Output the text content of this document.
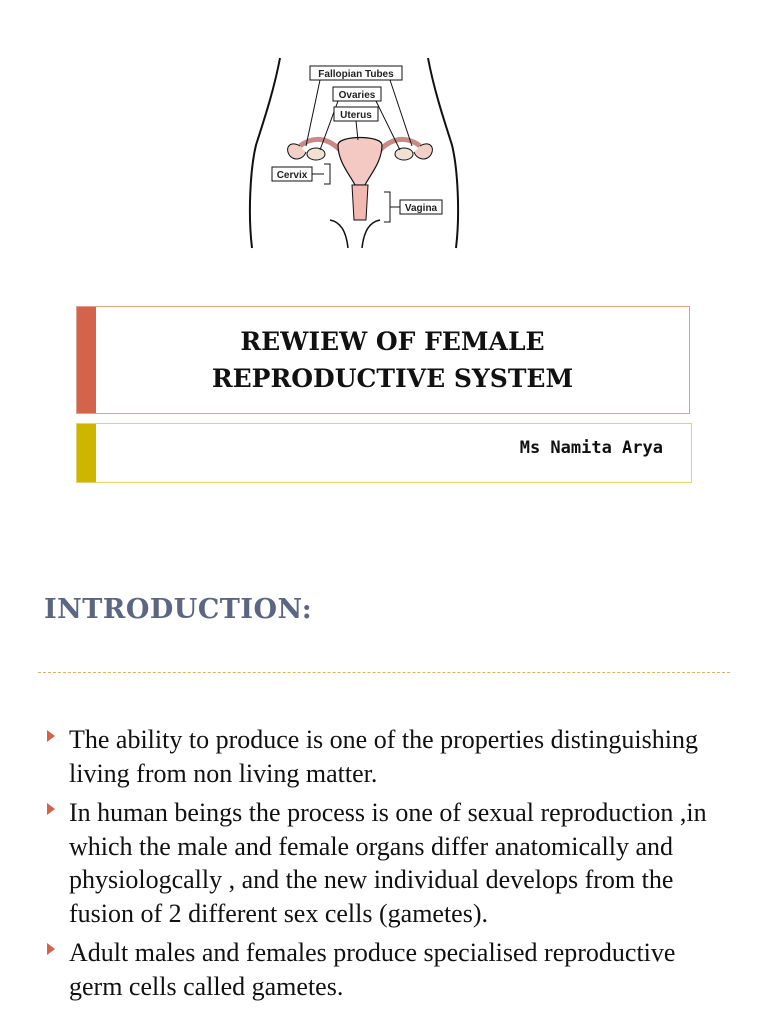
Fallopian Tubes
Ovaries
Uterus
Cervix
Vagina
REWIEW OF FEMALE
REPRODUCTIVE SYSTEM
Ms Namita Arya
INTRODUCTION:
The ability to produce is one of the properties distinguishing living from non living matter.
In human beings the process is one of sexual reproduction ,in which the male and female organs differ anatomically and physiologcally , and the new individual develops from the fusion of 2 different sex cells (gametes).
Adult males and females produce specialised reproductive germ cells called gametes.
